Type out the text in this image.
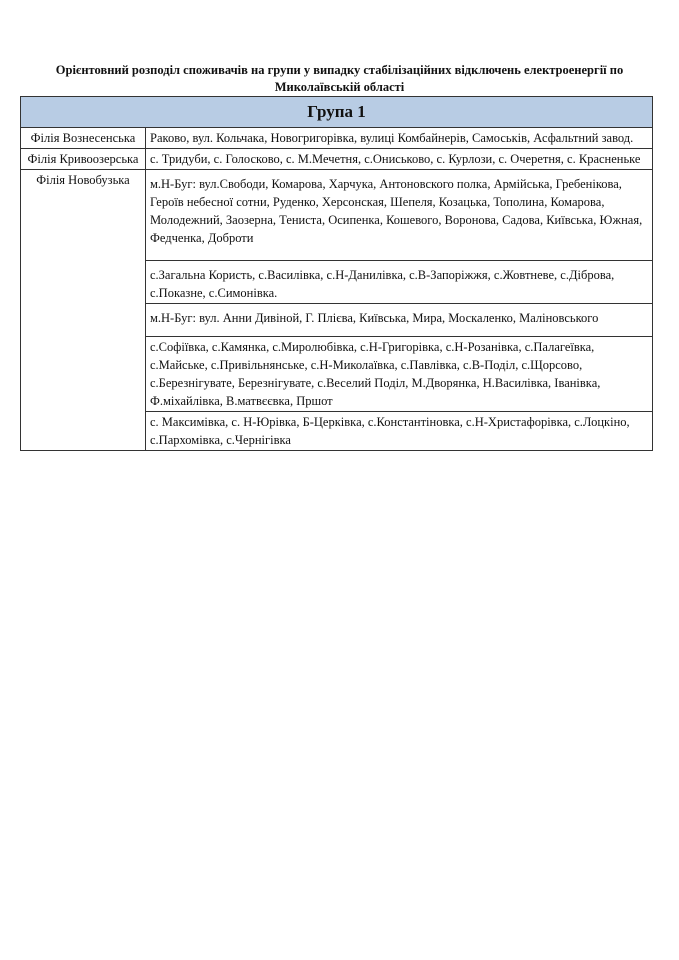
Орієнтовний розподіл споживачів на групи у випадку стабілізаційних відключень електроенергії по Миколаївській області
Група 1	
Філія Вознесенська	Раково, вул. Кольчака, Новогригорівка, вулиці Комбайнерів, Самоськів, Асфальтний завод.
Філія Кривоозерська	с. Тридуби, с. Голосково, с. М.Мечетня, с.Ониськово, с. Курлози, с. Очеретня, с. Красненьке
Філія Новобузька	м.Н-Буг: вул.Свободи, Комарова, Харчука, Антоновского полка, Армійська, Гребенікова, Героїв небесної сотни, Руденко, Херсонская, Шепеля, Козацька, Тополина, Комарова, Молодежний, Заозерна, Тениста, Осипенка, Кошевого, Воронова, Садова, Київська, Южная, Федченка, Доброти
	с.Загальна Користь, с.Василівка, с.Н-Данилівка, с.В-Запоріжжя, с.Жовтневе, с.Діброва, с.Показне, с.Симонівка.
	м.Н-Буг: вул. Анни Дивіной, Г. Плієва, Київська, Мира, Москаленко, Маліновського
	с.Софіївка, с.Камянка, с.Миролюбівка, с.Н-Григорівка, с.Н-Розанівка, с.Палагеївка, с.Майське, с.Привільнянське, с.Н-Миколаївка, с.Павлівка, с.В-Поділ, с.Щорсово, с.Березнігувате, Березнігувате, с.Веселий Поділ, М.Дворянка, Н.Василівка, Іванівка, Ф.міхайлівка, В.матвєєвка, Пршот
	с. Максимівка, с. Н-Юрівка, Б-Церківка, с.Константіновка, с.Н-Христафорівка, с.Лоцкіно, с.Пархомівка, с.Чернігівка
